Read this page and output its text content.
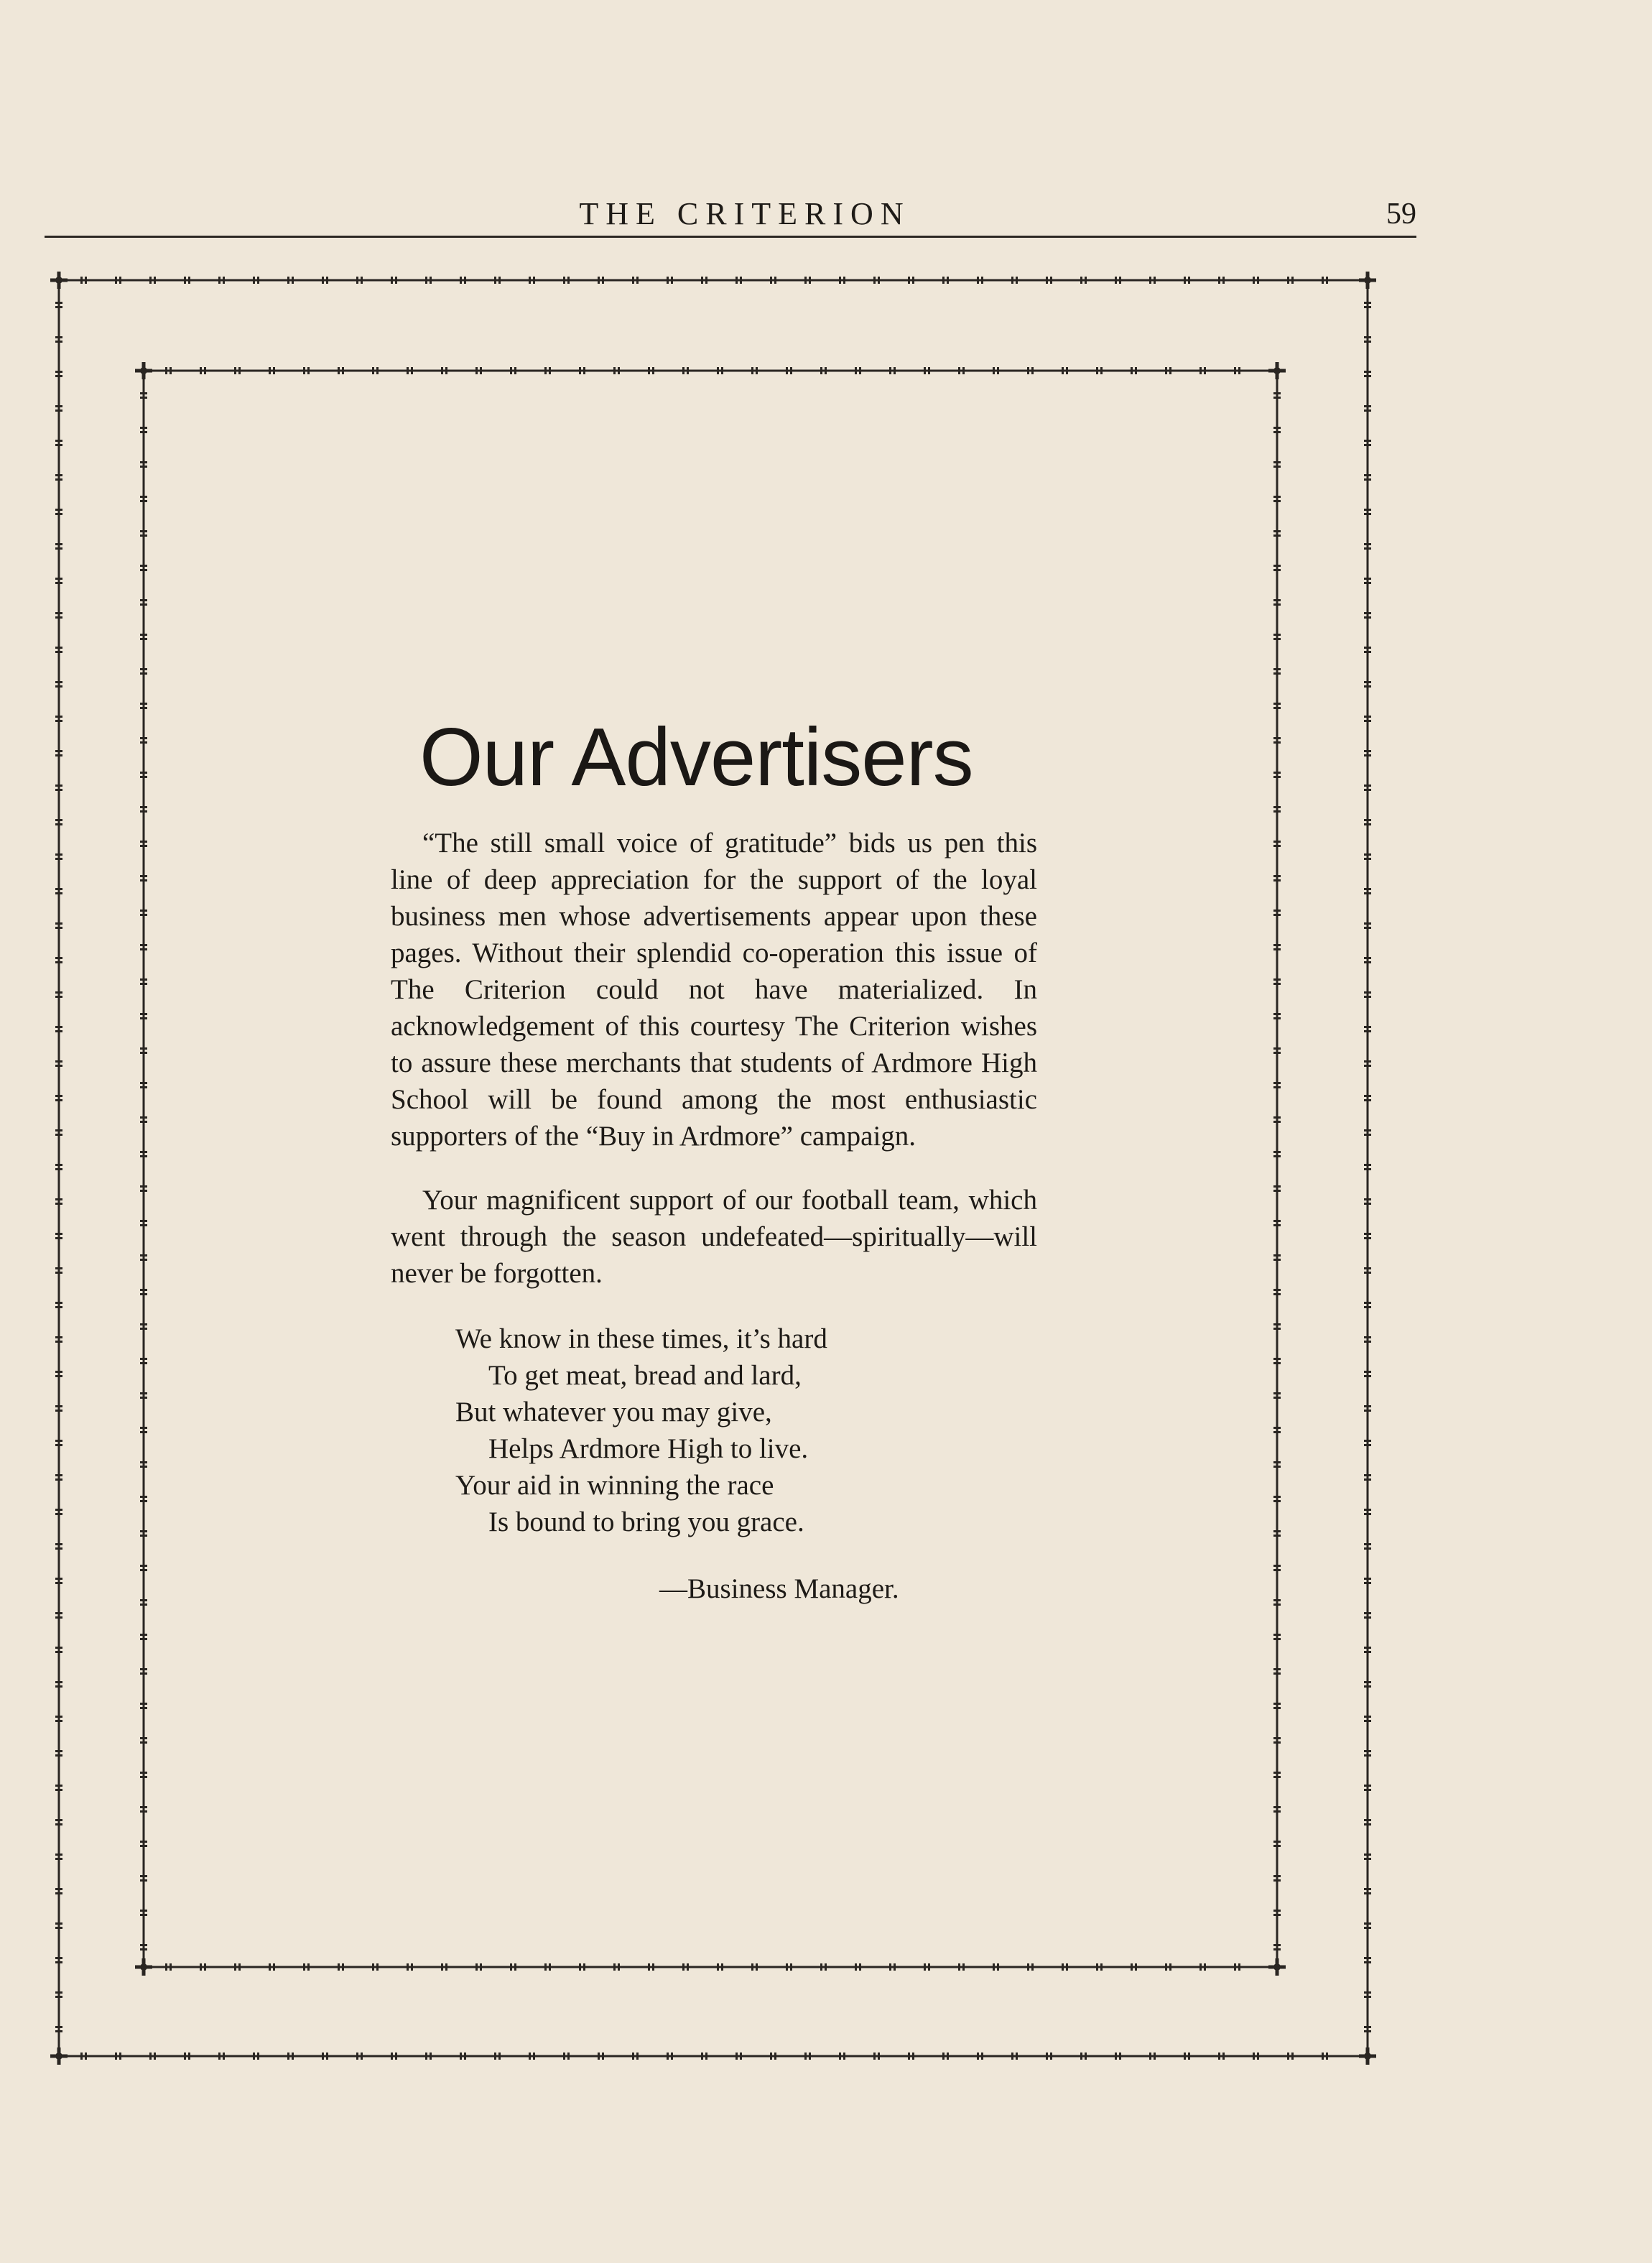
THE CRITERION	59
Our Advertisers

“The still small voice of gratitude” bids us pen this line of deep appreciation for the support of the loyal business men whose advertisements appear upon these pages. Without their splendid co-operation this issue of The Criterion could not have materialized. In acknowledgement of this courtesy The Criterion wishes to assure these merchants that students of Ardmore High School will be found among the most enthusiastic supporters of the “Buy in Ardmore” campaign.

Your magnificent support of our football team, which went through the season undefeated—spiritually—will never be forgotten.

We know in these times, it’s hard
To get meat, bread and lard,
But whatever you may give,
Helps Ardmore High to live.
Your aid in winning the race
Is bound to bring you grace.
—Business Manager.
